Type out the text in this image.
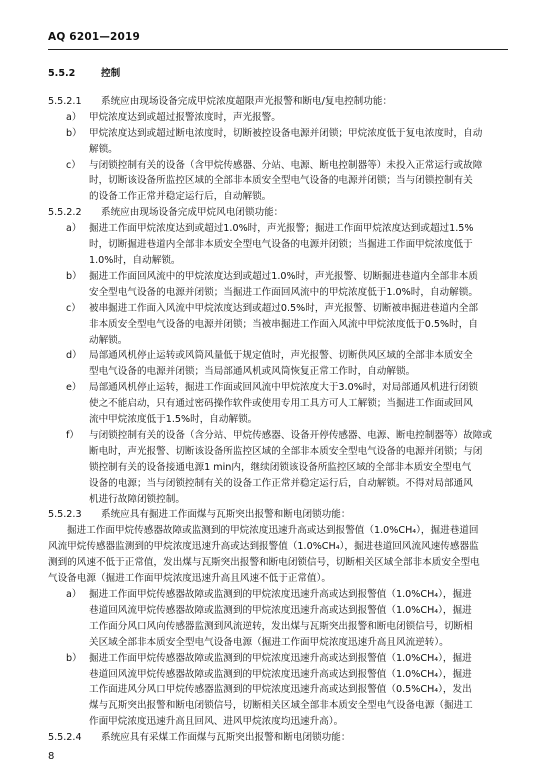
AQ 6201—2019
5.5.2	控制
5.5.2.1 系统应由现场设备完成甲烷浓度超限声光报警和断电/复电控制功能：
a） 甲烷浓度达到或超过报警浓度时，声光报警。
b） 甲烷浓度达到或超过断电浓度时，切断被控设备电源并闭锁；甲烷浓度低于复电浓度时，自动
解锁。
c） 与闭锁控制有关的设备（含甲烷传感器、分站、电源、断电控制器等）未投入正常运行或故障
时，切断该设备所监控区域的全部非本质安全型电气设备的电源并闭锁；当与闭锁控制有关
的设备工作正常并稳定运行后，自动解锁。
5.5.2.2 系统应由现场设备完成甲烷风电闭锁功能：
a） 掘进工作面甲烷浓度达到或超过1.0%时，声光报警；掘进工作面甲烷浓度达到或超过1.5%
时，切断掘进巷道内全部非本质安全型电气设备的电源并闭锁；当掘进工作面甲烷浓度低于
1.0%时，自动解锁。
b） 掘进工作面回风流中的甲烷浓度达到或超过1.0%时，声光报警、切断掘进巷道内全部非本质
安全型电气设备的电源并闭锁；当掘进工作面回风流中的甲烷浓度低于1.0%时，自动解锁。
c） 被串掘进工作面入风流中甲烷浓度达到或超过0.5%时，声光报警、切断被串掘进巷道内全部
非本质安全型电气设备的电源并闭锁；当被串掘进工作面入风流中甲烷浓度低于0.5%时，自
动解锁。
d） 局部通风机停止运转或风筒风量低于规定值时，声光报警、切断供风区域的全部非本质安全
型电气设备的电源并闭锁；当局部通风机或风筒恢复正常工作时，自动解锁。
e） 局部通风机停止运转，掘进工作面或回风流中甲烷浓度大于3.0%时，对局部通风机进行闭锁
使之不能启动，只有通过密码操作软件或使用专用工具方可人工解锁；当掘进工作面或回风
流中甲烷浓度低于1.5%时，自动解锁。
f） 与闭锁控制有关的设备（含分站、甲烷传感器、设备开停传感器、电源、断电控制器等）故障或
断电时，声光报警、切断该设备所监控区域的全部非本质安全型电气设备的电源并闭锁；与闭
锁控制有关的设备接通电源1 min内，继续闭锁该设备所监控区域的全部非本质安全型电气
设备的电源；当与闭锁控制有关的设备工作正常并稳定运行后，自动解锁。不得对局部通风
机进行故障闭锁控制。
5.5.2.3 系统应具有掘进工作面煤与瓦斯突出报警和断电闭锁功能：
掘进工作面甲烷传感器故障或监测到的甲烷浓度迅速升高或达到报警值（1.0%CH₄），掘进巷道回
风流甲烷传感器监测到的甲烷浓度迅速升高或达到报警值（1.0%CH₄），掘进巷道回风流风速传感器监
测到的风速不低于正常值，发出煤与瓦斯突出报警和断电闭锁信号，切断相关区域全部非本质安全型电
气设备电源（掘进工作面甲烷浓度迅速升高且风速不低于正常值）。
a） 掘进工作面甲烷传感器故障或监测到的甲烷浓度迅速升高或达到报警值（1.0%CH₄），掘进
巷道回风流甲烷传感器故障或监测到的甲烷浓度迅速升高或达到报警值（1.0%CH₄），掘进
工作面分风口风向传感器监测到风流逆转，发出煤与瓦斯突出报警和断电闭锁信号，切断相
关区域全部非本质安全型电气设备电源（掘进工作面甲烷浓度迅速升高且风流逆转）。
b） 掘进工作面甲烷传感器故障或监测到的甲烷浓度迅速升高或达到报警值（1.0%CH₄），掘进
巷道回风流甲烷传感器故障或监测到的甲烷浓度迅速升高或达到报警值（1.0%CH₄），掘进
工作面进风分风口甲烷传感器监测到的甲烷浓度迅速升高或达到报警值（0.5%CH₄），发出
煤与瓦斯突出报警和断电闭锁信号，切断相关区域全部非本质安全型电气设备电源（掘进工
作面甲烷浓度迅速升高且回风、进风甲烷浓度均迅速升高）。
5.5.2.4 系统应具有采煤工作面煤与瓦斯突出报警和断电闭锁功能：
8
